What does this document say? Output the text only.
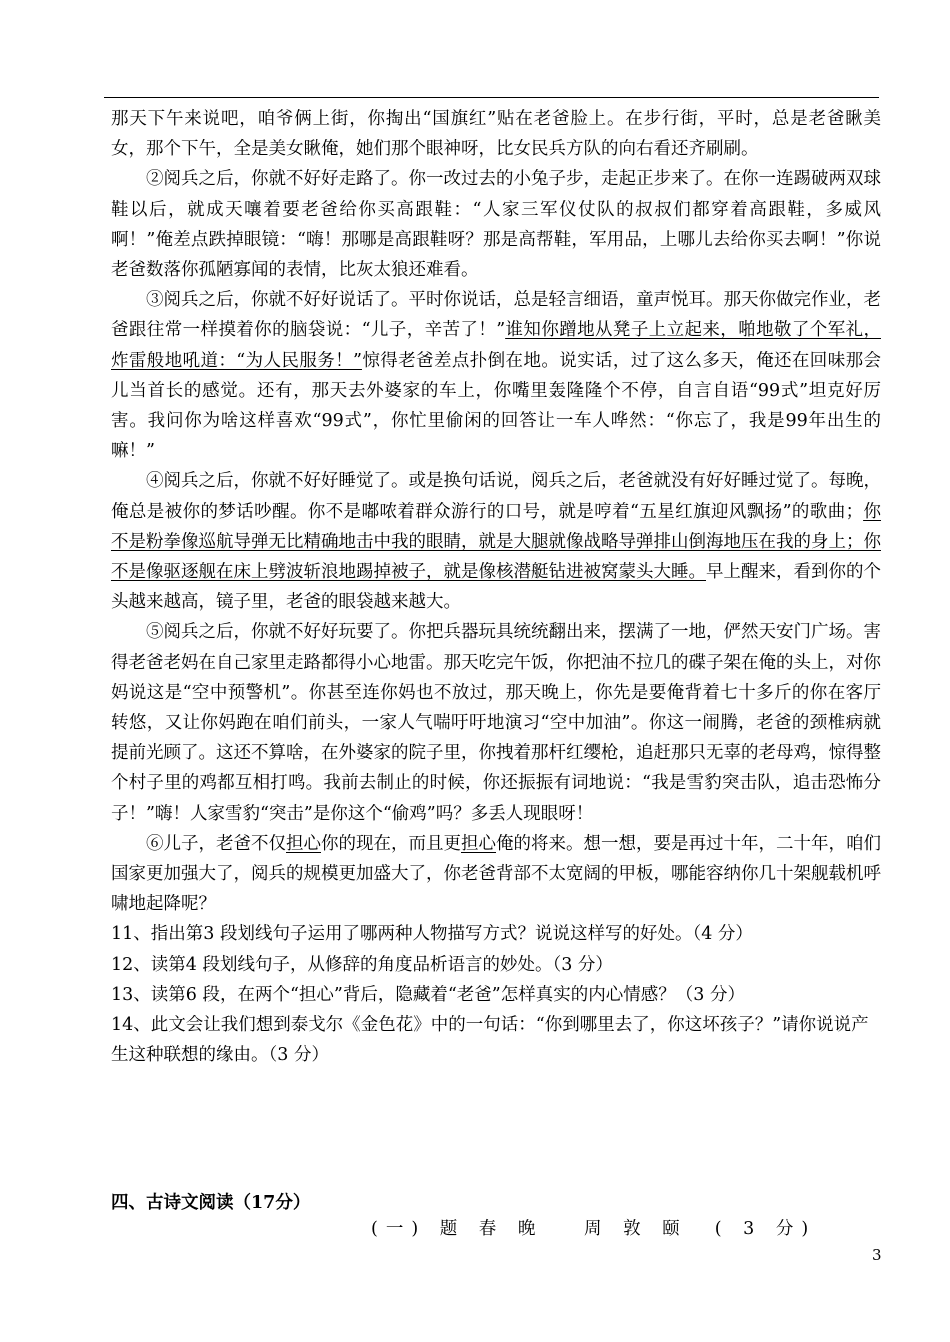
那天下午来说吧，咱爷俩上街，你掏出“国旗红”贴在老爸脸上。在步行街，平时，总是老爸瞅美女，那个下午，全是美女瞅俺，她们那个眼神呀，比女民兵方队的向右看还齐刷刷。

②阅兵之后，你就不好好走路了。你一改过去的小兔子步，走起正步来了。在你一连踢破两双球鞋以后，就成天嚷着要老爸给你买高跟鞋：“人家三军仪仗队的叔叔们都穿着高跟鞋，多威风啊！”俺差点跌掉眼镜：“嗨！那哪是高跟鞋呀？那是高帮鞋，军用品，上哪儿去给你买去啊！”你说老爸数落你孤陋寡闻的表情，比灰太狼还难看。

③阅兵之后，你就不好好说话了。平时你说话，总是轻言细语，童声悦耳。那天你做完作业，老爸跟往常一样摸着你的脑袋说：“儿子，辛苦了！”谁知你蹭地从凳子上立起来，啪地敬了个军礼，炸雷般地吼道：“为人民服务！”惊得老爸差点扑倒在地。说实话，过了这么多天，俺还在回味那会儿当首长的感觉。还有，那天去外婆家的车上，你嘴里轰隆隆个不停，自言自语“99式”坦克好厉害。我问你为啥这样喜欢“99式”，你忙里偷闲的回答让一车人哗然：“你忘了，我是99年出生的嘛！”

④阅兵之后，你就不好好睡觉了。或是换句话说，阅兵之后，老爸就没有好好睡过觉了。每晚，俺总是被你的梦话吵醒。你不是嘟哝着群众游行的口号，就是哼着“五星红旗迎风飘扬”的歌曲；你不是粉拳像巡航导弹无比精确地击中我的眼睛，就是大腿就像战略导弹排山倒海地压在我的身上；你不是像驱逐舰在床上劈波斩浪地踢掉被子，就是像核潜艇钻进被窝蒙头大睡。早上醒来，看到你的个头越来越高，镜子里，老爸的眼袋越来越大。

⑤阅兵之后，你就不好好玩要了。你把兵器玩具统统翻出来，摆满了一地，俨然天安门广场。害得老爸老妈在自己家里走路都得小心地雷。那天吃完午饭，你把油不拉几的碟子架在俺的头上，对你妈说这是“空中预警机”。你甚至连你妈也不放过，那天晚上，你先是要俺背着七十多斤的你在客厅转悠，又让你妈跑在咱们前头，一家人气喘吁吁地演习“空中加油”。你这一闹腾，老爸的颈椎病就提前光顾了。这还不算啥，在外婆家的院子里，你拽着那杆红缨枪，追赶那只无辜的老母鸡，惊得整个村子里的鸡都互相打鸣。我前去制止的时候，你还振振有词地说：“我是雪豹突击队，追击恐怖分子！”嗨！人家雪豹“突击”是你这个“偷鸡”吗？多丢人现眼呀！

⑥儿子，老爸不仅担心你的现在，而且更担心俺的将来。想一想，要是再过十年，二十年，咱们国家更加强大了，阅兵的规模更加盛大了，你老爸背部不太宽阔的甲板，哪能容纳你几十架舰载机呼啸地起降呢？

11、指出第3 段划线句子运用了哪两种人物描写方式？说说这样写的好处。（4 分）

12、读第4 段划线句子，从修辞的角度品析语言的妙处。（3 分）

13、读第6 段，在两个“担心”背后，隐藏着“老爸”怎样真实的内心情感？（3 分）

14、此文会让我们想到泰戈尔《金色花》中的一句话：“你到哪里去了，你这坏孩子？”请你说说产生这种联想的缘由。（3 分）

四、古诗文阅读（17分）
(一) 题 春 晚   周 敦 颐  ( 3 分)
3
